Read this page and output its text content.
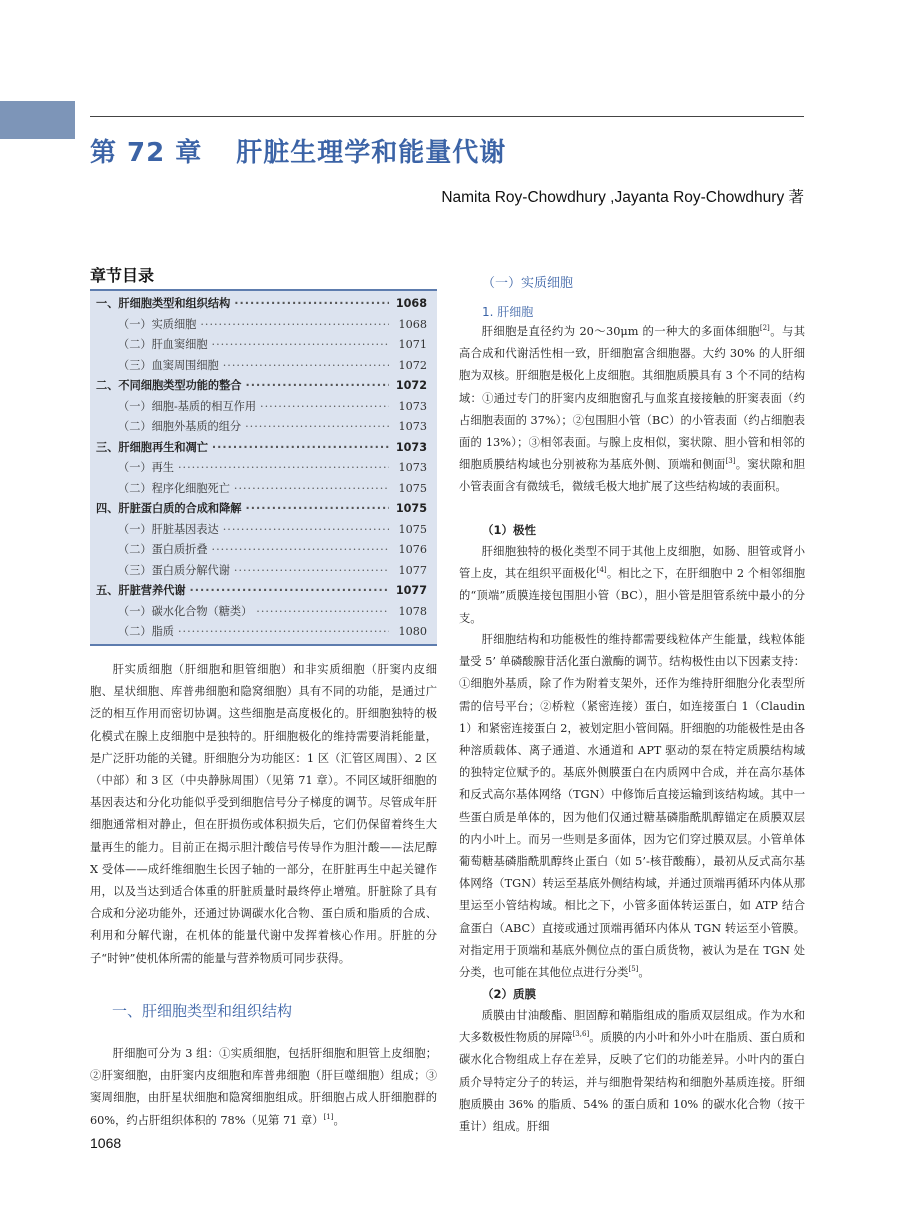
第 72 章 肝脏生理学和能量代谢
Namita Roy-Chowdhury ,Jayanta Roy-Chowdhury 著
章节目录
一、肝细胞类型和组织结构 ·····	1068
（一）实质细胞 ·····	1068
（二）肝血窦细胞 ·····	1071
（三）血窦周围细胞 ·····	1072
二、不同细胞类型功能的整合 ·····	1072
（一）细胞-基质的相互作用 ·····	1073
（二）细胞外基质的组分 ·····	1073
三、肝细胞再生和凋亡 ·····	1073
（一）再生 ·····	1073
（二）程序化细胞死亡 ·····	1075
四、肝脏蛋白质的合成和降解 ·····	1075
（一）肝脏基因表达 ·····	1075
（二）蛋白质折叠 ·····	1076
（三）蛋白质分解代谢 ·····	1077
五、肝脏营养代谢 ·····	1077
（一）碳水化合物（糖类） ·····	1078
（二）脂质 ·····	1080

肝实质细胞（肝细胞和胆管细胞）和非实质细胞（肝窦内皮细胞、星状细胞、库普弗细胞和隐窝细胞）具有不同的功能，是通过广泛的相互作用而密切协调。这些细胞是高度极化的。肝细胞独特的极化模式在腺上皮细胞中是独特的。肝细胞极化的维持需要消耗能量，是广泛肝功能的关键。肝细胞分为功能区：1 区（汇管区周围）、2 区（中部）和 3 区（中央静脉周围）（见第 71 章）。不同区域肝细胞的基因表达和分化功能似乎受到细胞信号分子梯度的调节。尽管成年肝细胞通常相对静止，但在肝损伤或体积损失后，它们仍保留着终生大量再生的能力。目前正在揭示胆汁酸信号传导作为胆汁酸——法尼醇 X 受体——成纤维细胞生长因子轴的一部分，在肝脏再生中起关键作用，以及当达到适合体重的肝脏质量时最终停止增殖。肝脏除了具有合成和分泌功能外，还通过协调碳水化合物、蛋白质和脂质的合成、利用和分解代谢，在机体的能量代谢中发挥着核心作用。肝脏的分子“时钟”使机体所需的能量与营养物质可同步获得。

一、肝细胞类型和组织结构

肝细胞可分为 3 组：①实质细胞，包括肝细胞和胆管上皮细胞；②肝窦细胞，由肝窦内皮细胞和库普弗细胞（肝巨噬细胞）组成；③窦周细胞，由肝星状细胞和隐窝细胞组成。肝细胞占成人肝细胞群的 60%，约占肝组织体积的 78%（见第 71 章）[1]。

（一）实质细胞
1. 肝细胞

肝细胞是直径约为 20～30μm 的一种大的多面体细胞[2]。与其高合成和代谢活性相一致，肝细胞富含细胞器。大约 30% 的人肝细胞为双核。肝细胞是极化上皮细胞。其细胞质膜具有 3 个不同的结构域：①通过专门的肝窦内皮细胞窗孔与血浆直接接触的肝窦表面（约占细胞表面的 37%）；②包围胆小管（BC）的小管表面（约占细胞表面的 13%）；③相邻表面。与腺上皮相似，窦状隙、胆小管和相邻的细胞质膜结构域也分别被称为基底外侧、顶端和侧面[3]。窦状隙和胆小管表面含有微绒毛，微绒毛极大地扩展了这些结构域的表面积。

（1）极性

肝细胞独特的极化类型不同于其他上皮细胞，如肠、胆管或肾小管上皮，其在组织平面极化[4]。相比之下，在肝细胞中 2 个相邻细胞的“顶端”质膜连接包围胆小管（BC），胆小管是胆管系统中最小的分支。

肝细胞结构和功能极性的维持都需要线粒体产生能量，线粒体能量受 5’ 单磷酸腺苷活化蛋白激酶的调节。结构极性由以下因素支持：①细胞外基质，除了作为附着支架外，还作为维持肝细胞分化表型所需的信号平台；②桥粒（紧密连接）蛋白，如连接蛋白 1（Claudin 1）和紧密连接蛋白 2，被划定胆小管间隔。肝细胞的功能极性是由各种溶质载体、离子通道、水通道和 APT 驱动的泵在特定质膜结构域的独特定位赋予的。基底外侧膜蛋白在内质网中合成，并在高尔基体和反式高尔基体网络（TGN）中修饰后直接运输到该结构域。其中一些蛋白质是单体的，因为他们仅通过糖基磷脂酰肌醇锚定在质膜双层的内小叶上。而另一些则是多面体，因为它们穿过膜双层。小管单体葡萄糖基磷脂酰肌醇终止蛋白（如 5’-核苷酸酶），最初从反式高尔基体网络（TGN）转运至基底外侧结构域，并通过顶端再循环内体从那里运至小管结构域。相比之下，小管多面体转运蛋白，如 ATP 结合盒蛋白（ABC）直接或通过顶端再循环内体从 TGN 转运至小管膜。对指定用于顶端和基底外侧位点的蛋白质货物，被认为是在 TGN 处分类，也可能在其他位点进行分类[5]。

（2）质膜

质膜由甘油酸酯、胆固醇和鞘脂组成的脂质双层组成。作为水和大多数极性物质的屏障[3,6]。质膜的内小叶和外小叶在脂质、蛋白质和碳水化合物组成上存在差异，反映了它们的功能差异。小叶内的蛋白质介导特定分子的转运，并与细胞骨架结构和细胞外基质连接。肝细胞质膜由 36% 的脂质、54% 的蛋白质和 10% 的碳水化合物（按干重计）组成。肝细

1068
